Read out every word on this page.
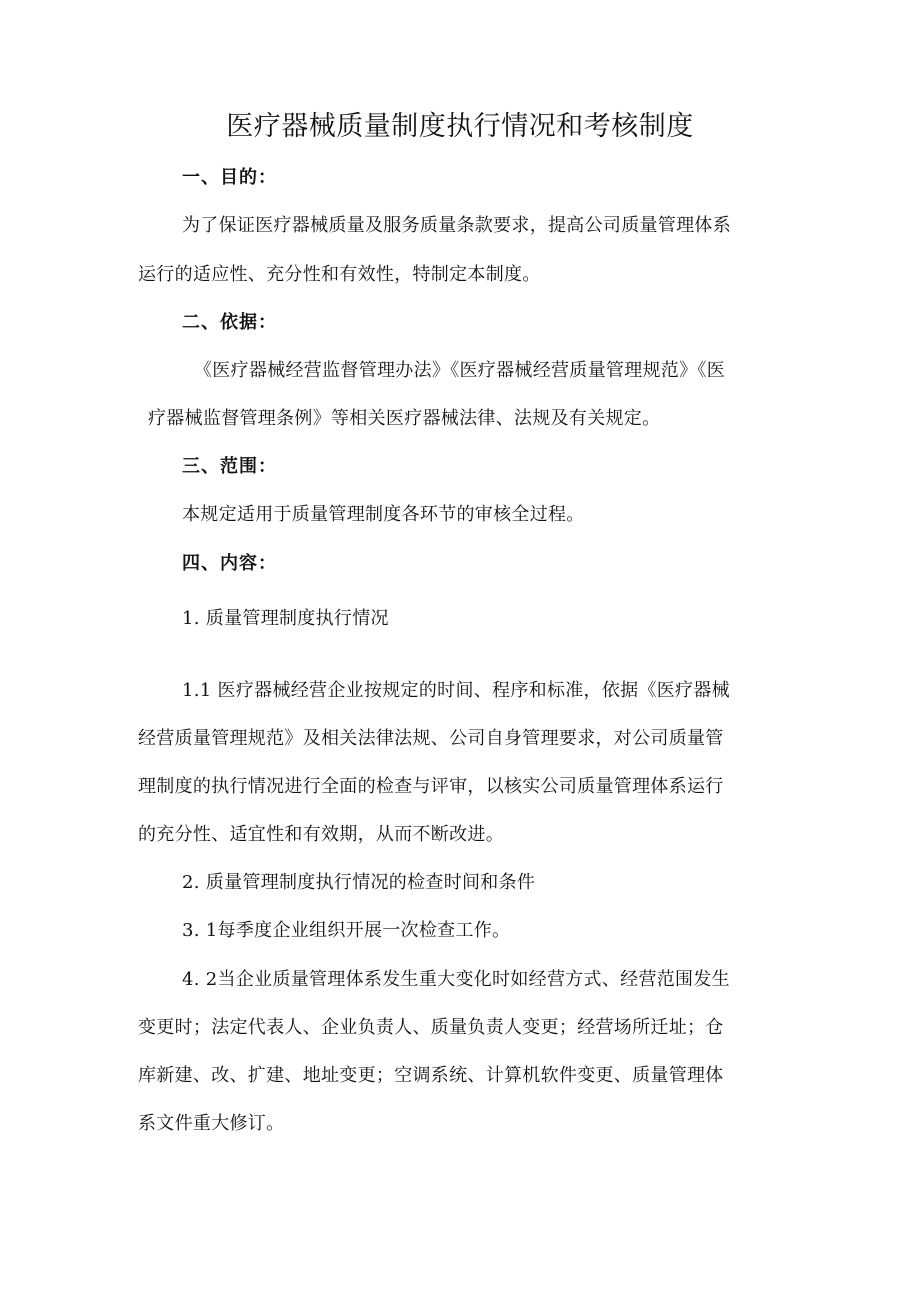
医疗器械质量制度执行情况和考核制度
一、目的：
为了保证医疗器械质量及服务质量条款要求，提高公司质量管理体系
运行的适应性、充分性和有效性，特制定本制度。
二、依据：
《医疗器械经营监督管理办法》《医疗器械经营质量管理规范》《医
疗器械监督管理条例》等相关医疗器械法律、法规及有关规定。
三、范围：
本规定适用于质量管理制度各环节的审核全过程。
四、内容：
1. 质量管理制度执行情况
1.1 医疗器械经营企业按规定的时间、程序和标准，依据《医疗器械
经营质量管理规范》及相关法律法规、公司自身管理要求，对公司质量管
理制度的执行情况进行全面的检查与评审，以核实公司质量管理体系运行
的充分性、适宜性和有效期，从而不断改进。
2. 质量管理制度执行情况的检查时间和条件
3. 1每季度企业组织开展一次检查工作。
4. 2当企业质量管理体系发生重大变化时如经营方式、经营范围发生
变更时；法定代表人、企业负责人、质量负责人变更；经营场所迁址；仓
库新建、改、扩建、地址变更；空调系统、计算机软件变更、质量管理体
系文件重大修订。
